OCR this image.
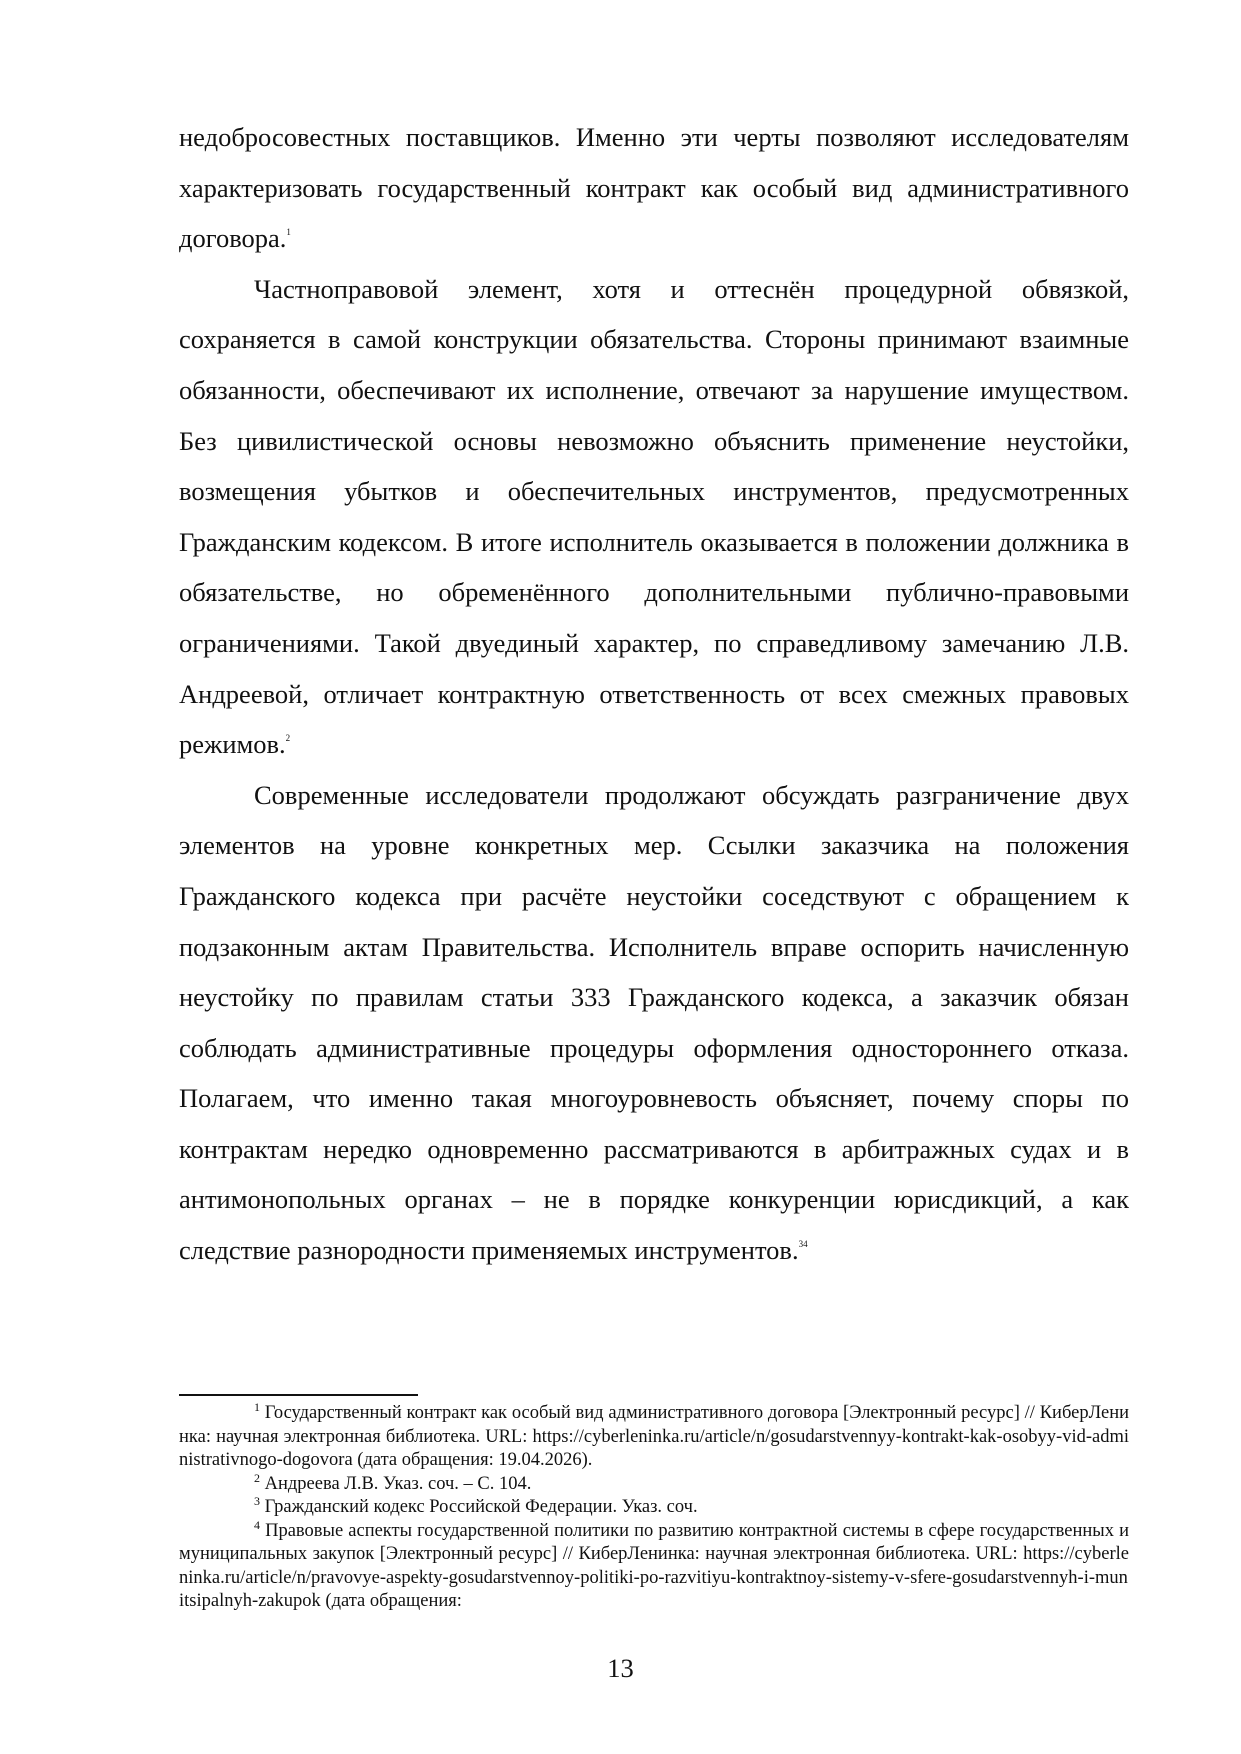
недобросовестных поставщиков. Именно эти черты позволяют исследователям характеризовать государственный контракт как особый вид административного договора.$^1$

Частноправовой элемент, хотя и оттеснён процедурной обвязкой, сохраняется в самой конструкции обязательства. Стороны принимают взаимные обязанности, обеспечивают их исполнение, отвечают за нарушение имуществом. Без цивилистической основы невозможно объяснить применение неустойки, возмещения убытков и обеспечительных инструментов, предусмотренных Гражданским кодексом. В итоге исполнитель оказывается в положении должника в обязательстве, но обременённого дополнительными публично-правовыми ограничениями. Такой двуединый характер, по справедливому замечанию Л.В. Андреевой, отличает контрактную ответственность от всех смежных правовых режимов.$^2$

Современные исследователи продолжают обсуждать разграничение двух элементов на уровне конкретных мер. Ссылки заказчика на положения Гражданского кодекса при расчёте неустойки соседствуют с обращением к подзаконным актам Правительства. Исполнитель вправе оспорить начисленную неустойку по правилам статьи 333 Гражданского кодекса, а заказчик обязан соблюдать административные процедуры оформления одностороннего отказа. Полагаем, что именно такая многоуровневость объясняет, почему споры по контрактам нередко одновременно рассматриваются в арбитражных судах и в антимонопольных органах – не в порядке конкуренции юрисдикций, а как следствие разнородности применяемых инструментов.$^{34}$

$^1$ Государственный контракт как особый вид административного договора [Электронный ресурс] // КиберЛенинка: научная электронная библиотека. URL: https://cyberleninka.ru/article/n/gosudarstvennyy-kontrakt-kak-osobyy-vid-administrativnogo-dogovora (дата обращения: 19.04.2026).

$^2$ Андреева Л.В. Указ. соч. – С. 104.

$^3$ Гражданский кодекс Российской Федерации. Указ. соч.

$^4$ Правовые аспекты государственной политики по развитию контрактной системы в сфере государственных и муниципальных закупок [Электронный ресурс] // КиберЛенинка: научная электронная библиотека. URL: https://cyberleninka.ru/article/n/pravovye-aspekty-gosudarstvennoy-politiki-po-razvitiyu-kontraktnoy-sistemy-v-sfere-gosudarstvennyh-i-munitsipalnyh-zakupok (дата обращения:

13
